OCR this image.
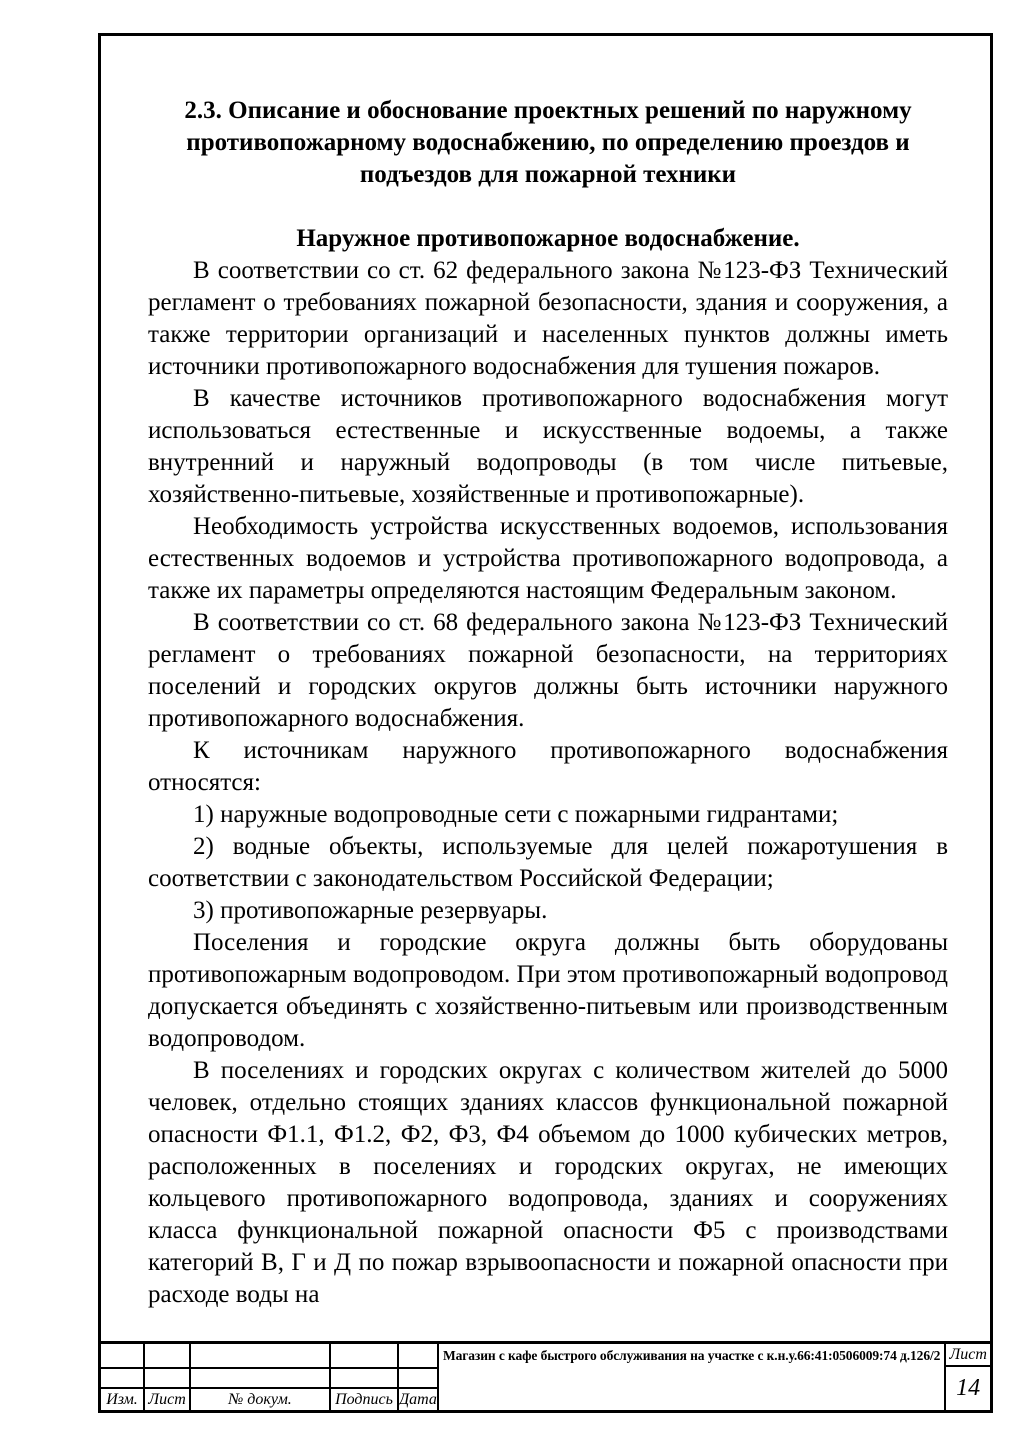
2.3. Описание и обоснование проектных решений по наружному
противопожарному водоснабжению, по определению проездов и
подъездов для пожарной техники
Наружное противопожарное водоснабжение.

В соответствии со ст. 62 федерального закона №123-ФЗ Технический регламент о требованиях пожарной безопасности, здания и сооружения, а также территории организаций и населенных пунктов должны иметь источники противопожарного водоснабжения для тушения пожаров.

В качестве источников противопожарного водоснабжения могут использоваться естественные и искусственные водоемы, а также внутренний и наружный водопроводы (в том числе питьевые, хозяйственно-питьевые, хозяйственные и противопожарные).

Необходимость устройства искусственных водоемов, использования естественных водоемов и устройства противопожарного водопровода, а также их параметры определяются настоящим Федеральным законом.

В соответствии со ст. 68 федерального закона №123-ФЗ Технический регламент о требованиях пожарной безопасности, на территориях поселений и городских округов должны быть источники наружного противопожарного водоснабжения.

К источникам наружного противопожарного водоснабжения относятся:

1) наружные водопроводные сети с пожарными гидрантами;

2) водные объекты, используемые для целей пожаротушения в соответствии с законодательством Российской Федерации;

3) противопожарные резервуары.

Поселения и городские округа должны быть оборудованы противопожарным водопроводом. При этом противопожарный водопровод допускается объединять с хозяйственно-питьевым или производственным водопроводом.

В поселениях и городских округах с количеством жителей до 5000 человек, отдельно стоящих зданиях классов функциональной пожарной опасности Ф1.1, Ф1.2, Ф2, Ф3, Ф4 объемом до 1000 кубических метров, расположенных в поселениях и городских округах, не имеющих кольцевого противопожарного водопровода, зданиях и сооружениях класса функциональной пожарной опасности Ф5 с производствами категорий В, Г и Д по пожар взрывоопасности и пожарной опасности при расходе воды на

Изм. Лист	№ докум.	Подпись Дата
Магазин с кафе быстрого обслуживания на участке с к.н.у.66:41:0506009:74 д.126/2 Лист
14
